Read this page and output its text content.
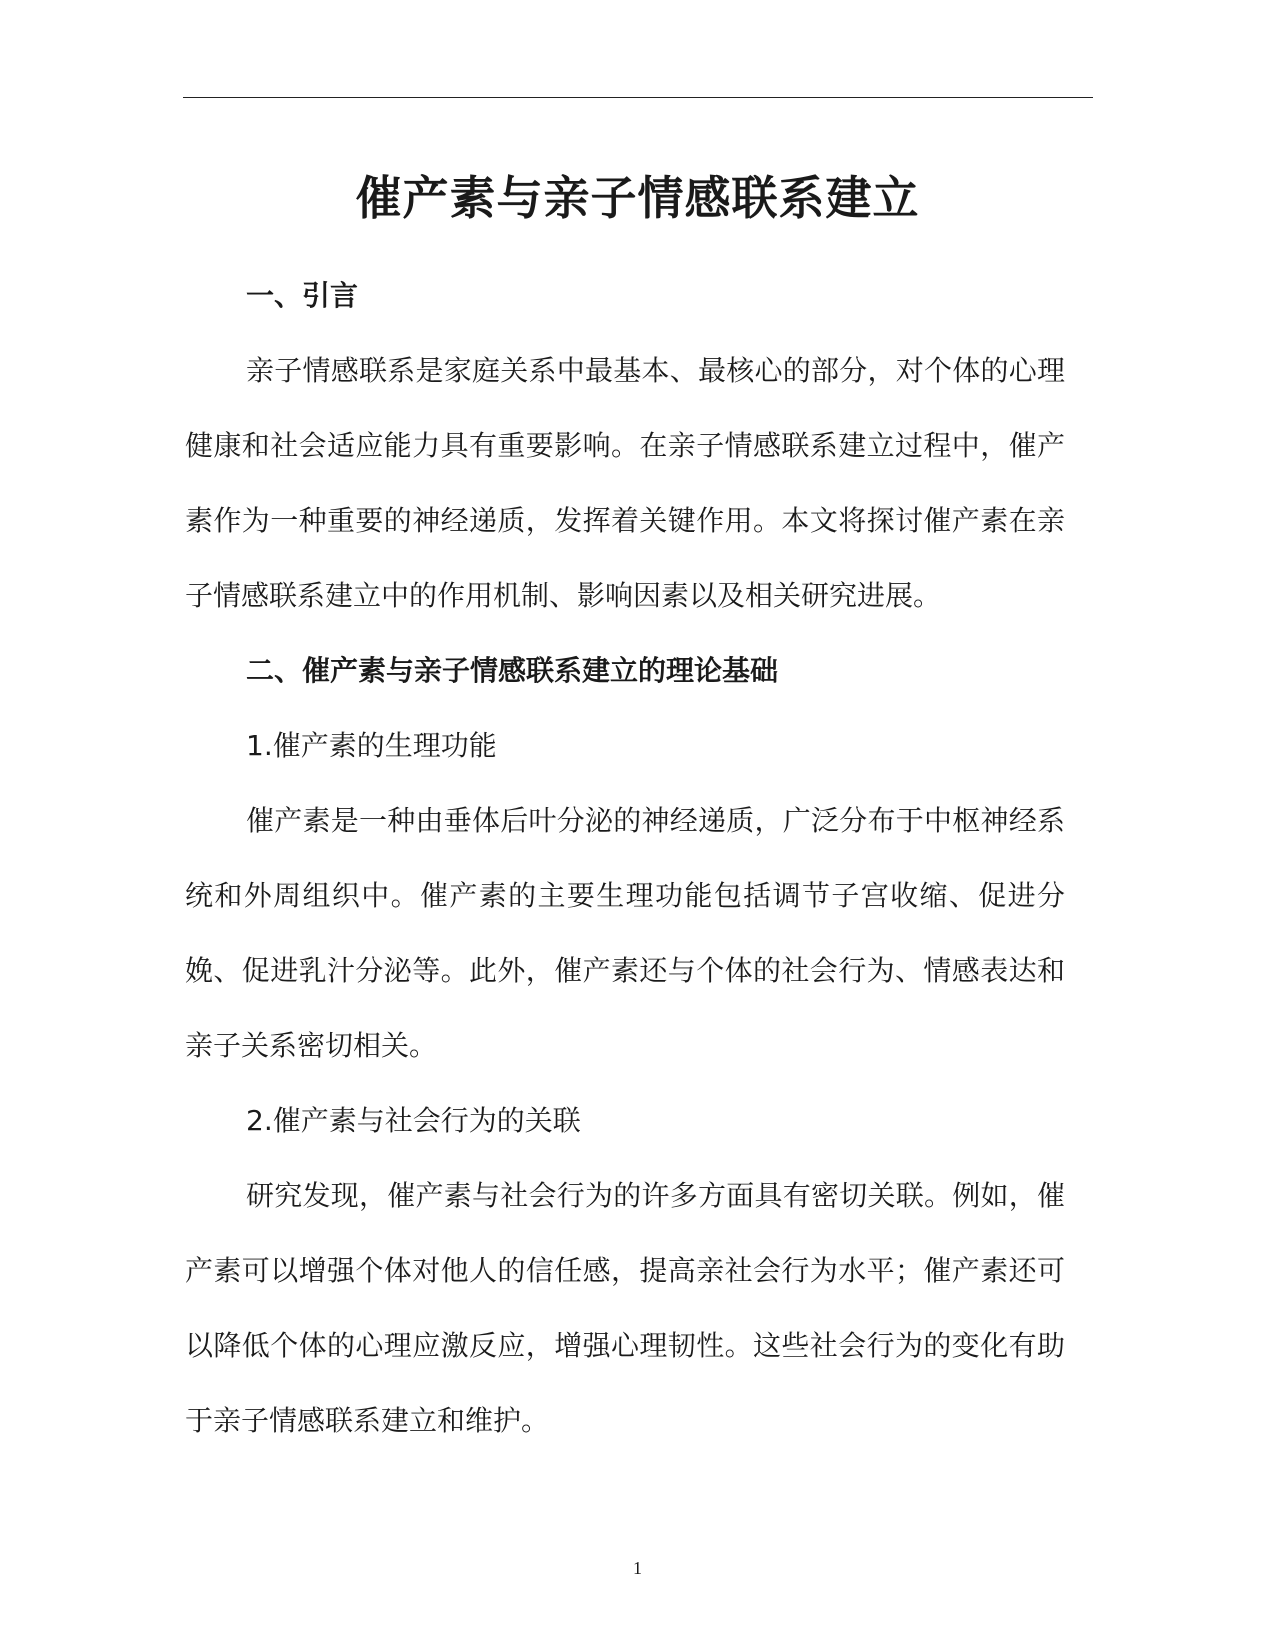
催产素与亲子情感联系建立

一、引言

亲子情感联系是家庭关系中最基本、最核心的部分，对个体的心理健康和社会适应能力具有重要影响。在亲子情感联系建立过程中，催产素作为一种重要的神经递质，发挥着关键作用。本文将探讨催产素在亲子情感联系建立中的作用机制、影响因素以及相关研究进展。

二、催产素与亲子情感联系建立的理论基础

1.催产素的生理功能

催产素是一种由垂体后叶分泌的神经递质，广泛分布于中枢神经系统和外周组织中。催产素的主要生理功能包括调节子宫收缩、促进分娩、促进乳汁分泌等。此外，催产素还与个体的社会行为、情感表达和亲子关系密切相关。

2.催产素与社会行为的关联

研究发现，催产素与社会行为的许多方面具有密切关联。例如，催产素可以增强个体对他人的信任感，提高亲社会行为水平；催产素还可以降低个体的心理应激反应，增强心理韧性。这些社会行为的变化有助于亲子情感联系建立和维护。

1
